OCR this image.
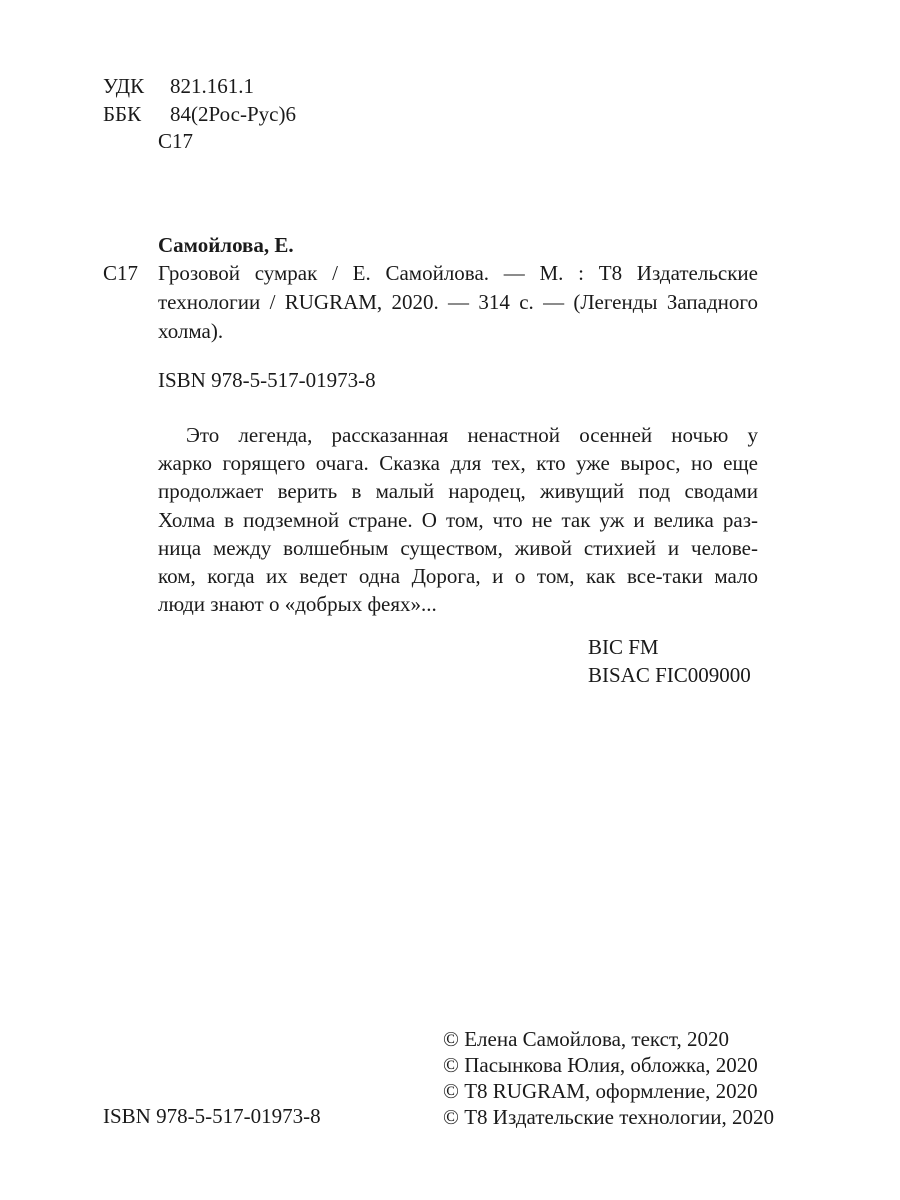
УДК 821.161.1
ББК 84(2Рос-Рус)6
С17
Самойлова, Е.
С17 Грозовой сумрак / Е. Самойлова. — М. : Т8 Издательские
технологии / RUGRAM, 2020. — 314 с. — (Легенды Западного
холма).
ISBN 978-5-517-01973-8
Это легенда, рассказанная ненастной осенней ночью у
жарко горящего очага. Сказка для тех, кто уже вырос, но еще
продолжает верить в малый народец, живущий под сводами
Холма в подземной стране. О том, что не так уж и велика раз-
ница между волшебным существом, живой стихией и челове-
ком, когда их ведет одна Дорога, и о том, как все-таки мало
люди знают о «добрых феях»...
BIC FM
BISAC FIC009000
ISBN 978-5-517-01973-8
© Елена Самойлова, текст, 2020
© Пасынкова Юлия, обложка, 2020
© Т8 RUGRAM, оформление, 2020
© Т8 Издательские технологии, 2020
